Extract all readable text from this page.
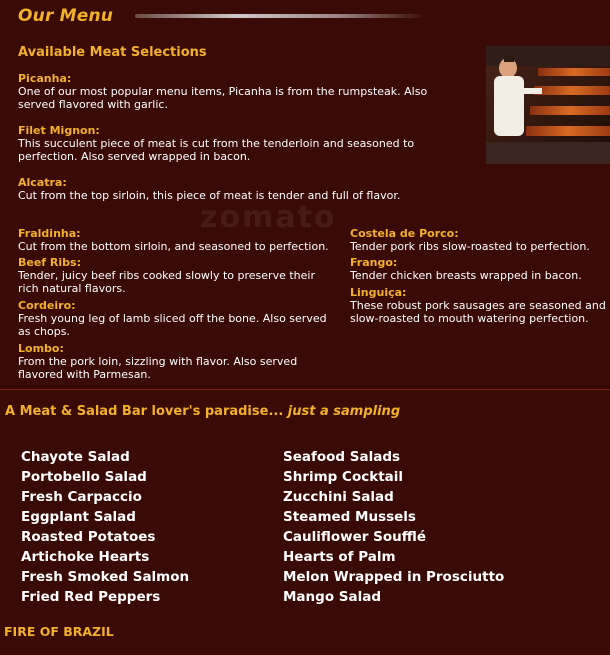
Our Menu
Available Meat Selections
Picanha:
One of our most popular menu items, Picanha is from the rumpsteak. Also served flavored with garlic.
Filet Mignon:
This succulent piece of meat is cut from the tenderloin and seasoned to perfection. Also served wrapped in bacon.
Alcatra:
Cut from the top sirloin, this piece of meat is tender and full of flavor.
Fraldinha:
Cut from the bottom sirloin, and seasoned to perfection.
Beef Ribs:
Tender, juicy beef ribs cooked slowly to preserve their rich natural flavors.
Cordeiro:
Fresh young leg of lamb sliced off the bone. Also served as chops.
Lombo:
From the pork loin, sizzling with flavor. Also served flavored with Parmesan.
Costela de Porco:
Tender pork ribs slow-roasted to perfection.
Frango:
Tender chicken breasts wrapped in bacon.
Linguiça:
These robust pork sausages are seasoned and slow-roasted to mouth watering perfection.
zomato
A Meat & Salad Bar lover's paradise... just a sampling
Chayote Salad
Portobello Salad
Fresh Carpaccio
Eggplant Salad
Roasted Potatoes
Artichoke Hearts
Fresh Smoked Salmon
Fried Red Peppers
Seafood Salads
Shrimp Cocktail
Zucchini Salad
Steamed Mussels
Cauliflower Soufflé
Hearts of Palm
Melon Wrapped in Prosciutto
Mango Salad
FIRE OF BRAZIL
